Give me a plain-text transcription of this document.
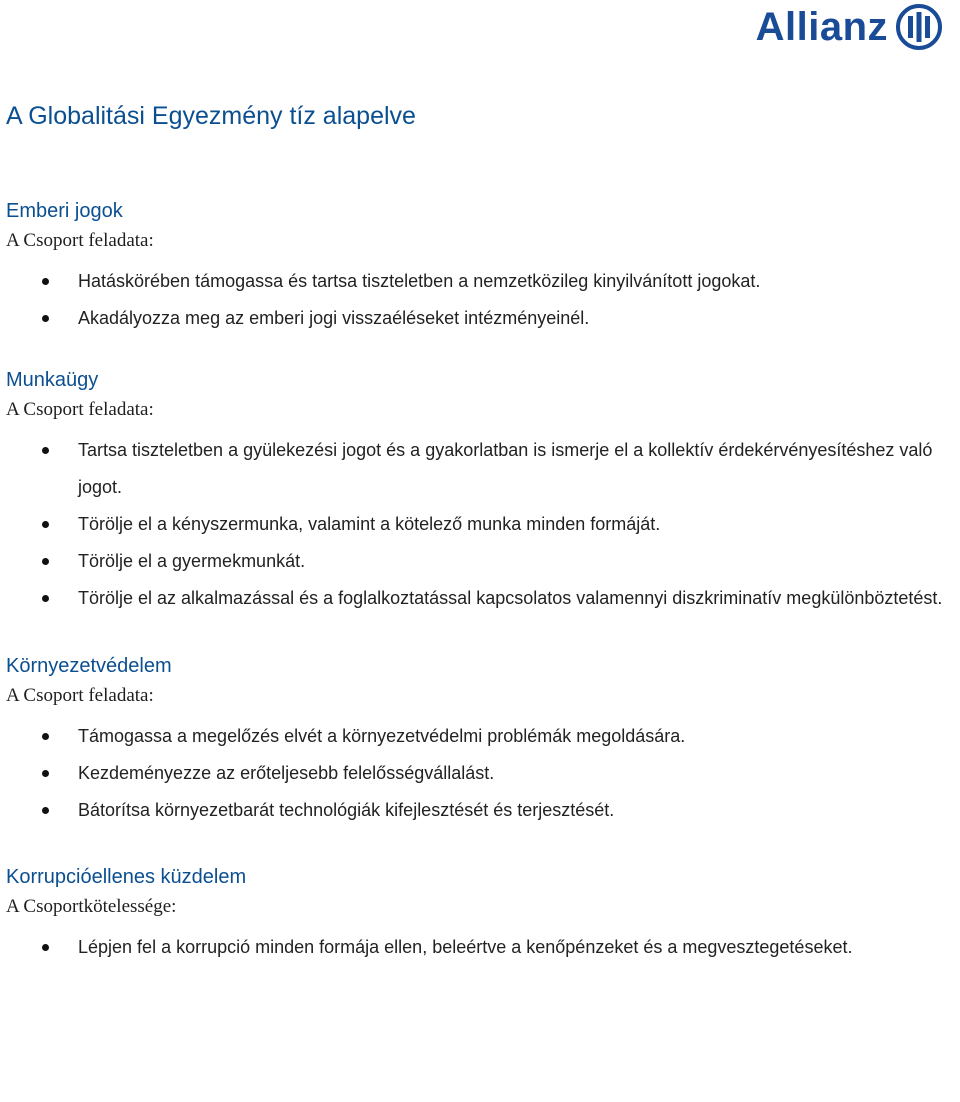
Allianz
A Globalitási Egyezmény tíz alapelve
Emberi jogok
A Csoport feladata:
Hatáskörében támogassa és tartsa tiszteletben a nemzetközileg kinyilvánított jogokat.
Akadályozza meg az emberi jogi visszaéléseket intézményeinél.
Munkaügy
A Csoport feladata:
Tartsa tiszteletben a gyülekezési jogot és a gyakorlatban is ismerje el a kollektív érdekérvényesítéshez való jogot.
Törölje el a kényszermunka, valamint a kötelező munka minden formáját.
Törölje el a gyermekmunkát.
Törölje el az alkalmazással és a foglalkoztatással kapcsolatos valamennyi diszkriminatív megkülönböztetést.
Környezetvédelem
A Csoport feladata:
Támogassa a megelőzés elvét a környezetvédelmi problémák megoldására.
Kezdeményezze az erőteljesebb felelősségvállalást.
Bátorítsa környezetbarát technológiák kifejlesztését és terjesztését.
Korrupcióellenes küzdelem
A Csoportkötelessége:
Lépjen fel a korrupció minden formája ellen, beleértve a kenőpénzeket és a megvesztegetéseket.
